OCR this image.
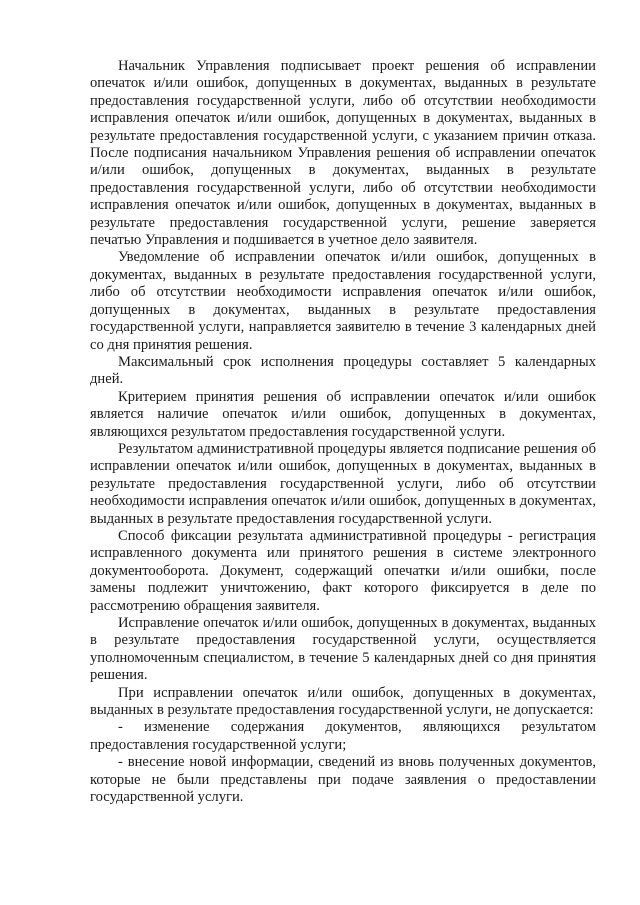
Начальник Управления подписывает проект решения об исправлении опечаток и/или ошибок, допущенных в документах, выданных в результате предоставления государственной услуги, либо об отсутствии необходимости исправления опечаток и/или ошибок, допущенных в документах, выданных в результате предоставления государственной услуги, с указанием причин отказа. После подписания начальником Управления решения об исправлении опечаток и/или ошибок, допущенных в документах, выданных в результате предоставления государственной услуги, либо об отсутствии необходимости исправления опечаток и/или ошибок, допущенных в документах, выданных в результате предоставления государственной услуги, решение заверяется печатью Управления и подшивается в учетное дело заявителя.

Уведомление об исправлении опечаток и/или ошибок, допущенных в документах, выданных в результате предоставления государственной услуги, либо об отсутствии необходимости исправления опечаток и/или ошибок, допущенных в документах, выданных в результате предоставления государственной услуги, направляется заявителю в течение 3 календарных дней со дня принятия решения.

Максимальный срок исполнения процедуры составляет 5 календарных дней.

Критерием принятия решения об исправлении опечаток и/или ошибок является наличие опечаток и/или ошибок, допущенных в документах, являющихся результатом предоставления государственной услуги.

Результатом административной процедуры является подписание решения об исправлении опечаток и/или ошибок, допущенных в документах, выданных в результате предоставления государственной услуги, либо об отсутствии необходимости исправления опечаток и/или ошибок, допущенных в документах, выданных в результате предоставления государственной услуги.

Способ фиксации результата административной процедуры - регистрация исправленного документа или принятого решения в системе электронного документооборота. Документ, содержащий опечатки и/или ошибки, после замены подлежит уничтожению, факт которого фиксируется в деле по рассмотрению обращения заявителя.

Исправление опечаток и/или ошибок, допущенных в документах, выданных в результате предоставления государственной услуги, осуществляется уполномоченным специалистом, в течение 5 календарных дней со дня принятия решения.

При исправлении опечаток и/или ошибок, допущенных в документах, выданных в результате предоставления государственной услуги, не допускается:

- изменение содержания документов, являющихся результатом предоставления государственной услуги;

- внесение новой информации, сведений из вновь полученных документов, которые не были представлены при подаче заявления о предоставлении государственной услуги.
